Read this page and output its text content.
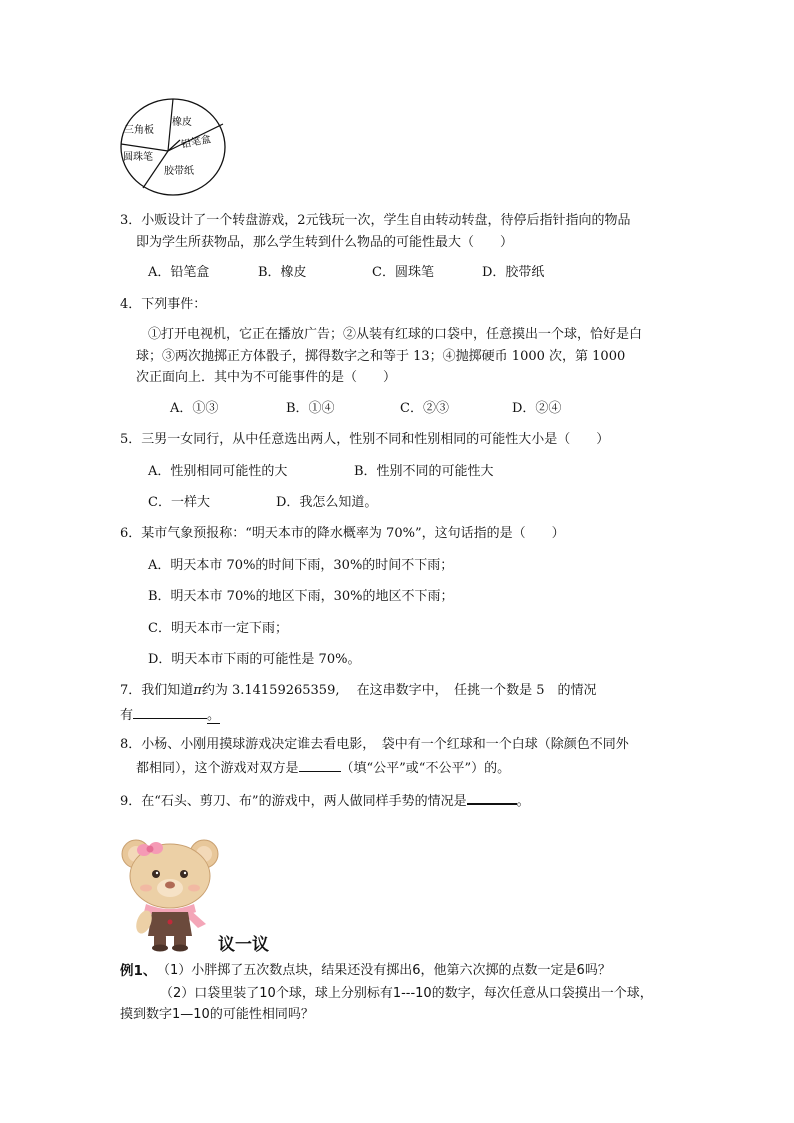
三角板
橡皮
铅笔盒
圆珠笔
胶带纸
3．小贩设计了一个转盘游戏，2元钱玩一次，学生自由转动转盘，待停后指针指向的物品
即为学生所获物品，那么学生转到什么物品的可能性最大（　　）
A．铅笔盒	B．橡皮	C．圆珠笔	D．胶带纸
4．下列事件：
①打开电视机，它正在播放广告；②从装有红球的口袋中，任意摸出一个球，恰好是白
球；③两次抛掷正方体骰子，掷得数字之和等于 13；④抛掷硬币 1000 次，第 1000
次正面向上．其中为不可能事件的是（　　）
A．①③	B．①④	C．②③	D．②④
5．三男一女同行，从中任意选出两人，性别不同和性别相同的可能性大小是（　　）
A．性别相同可能性的大	B．性别不同的可能性大
C．一样大	D．我怎么知道。
6．某市气象预报称：“明天本市的降水概率为 70%”，这句话指的是（　　）
A．明天本市 70%的时间下雨，30%的时间不下雨；
B．明天本市 70%的地区下雨，30%的地区不下雨；
C．明天本市一定下雨；
D．明天本市下雨的可能性是 70%。
7．我们知道π约为 3.14159265359,　 在这串数字中，　任挑一个数是 5　的情况
有	。
8．小杨、小刚用摸球游戏决定谁去看电影，　袋中有一个红球和一个白球（除颜色不同外
都相同），这个游戏对双方是	（填“公平”或“不公平”）的。
9．在“石头、剪刀、布”的游戏中，两人做同样手势的情况是	。
议一议
例1、 （1）小胖掷了五次数点块，结果还没有掷出6，他第六次掷的点数一定是6吗？
（2）口袋里装了10个球，球上分别标有1---10的数字，每次任意从口袋摸出一个球，
摸到数字1—10的可能性相同吗？
